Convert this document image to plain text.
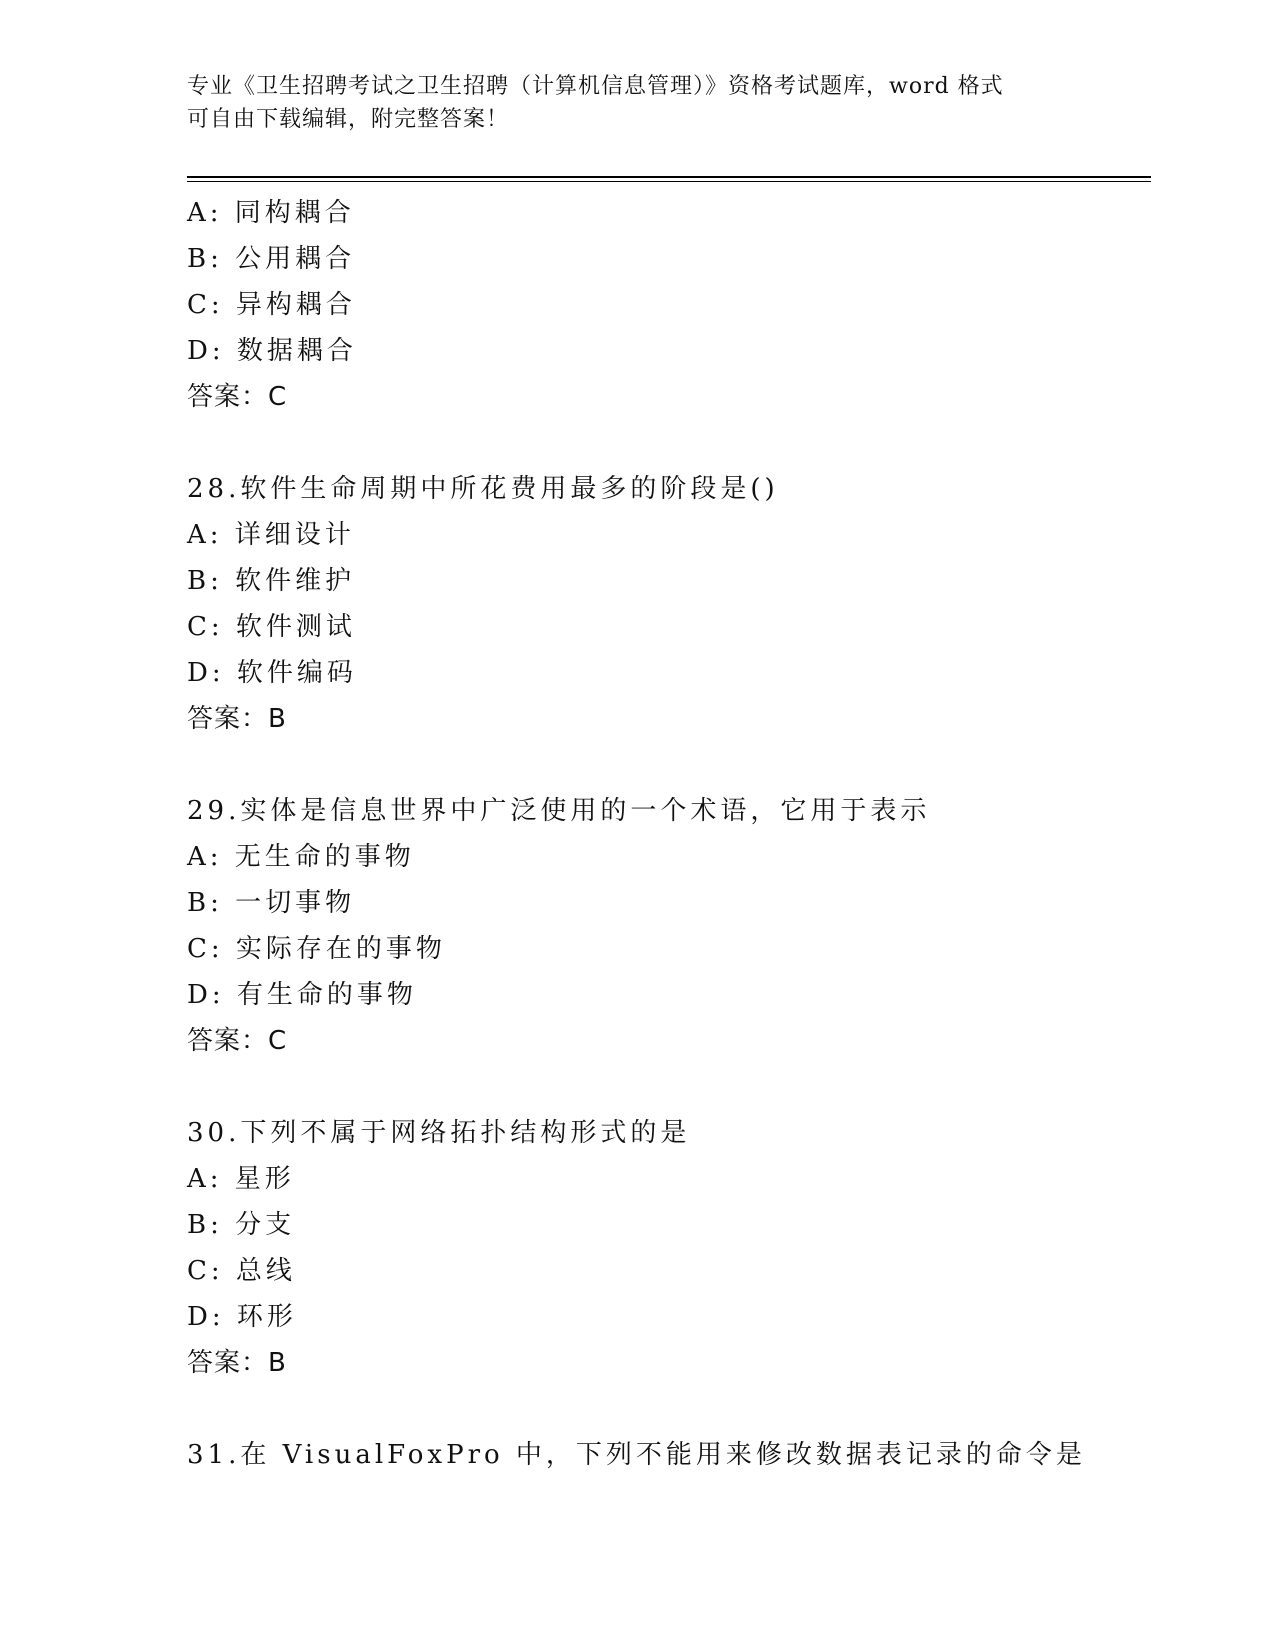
专业《卫生招聘考试之卫生招聘（计算机信息管理）》资格考试题库，word 格式
可自由下载编辑，附完整答案！
A: 同构耦合
B: 公用耦合
C: 异构耦合
D: 数据耦合
答案：C
28.软件生命周期中所花费用最多的阶段是()
A: 详细设计
B: 软件维护
C: 软件测试
D: 软件编码
答案：B
29.实体是信息世界中广泛使用的一个术语，它用于表示
A: 无生命的事物
B: 一切事物
C: 实际存在的事物
D: 有生命的事物
答案：C
30.下列不属于网络拓扑结构形式的是
A: 星形
B: 分支
C: 总线
D: 环形
答案：B
31.在 VisualFoxPro 中，下列不能用来修改数据表记录的命令是
